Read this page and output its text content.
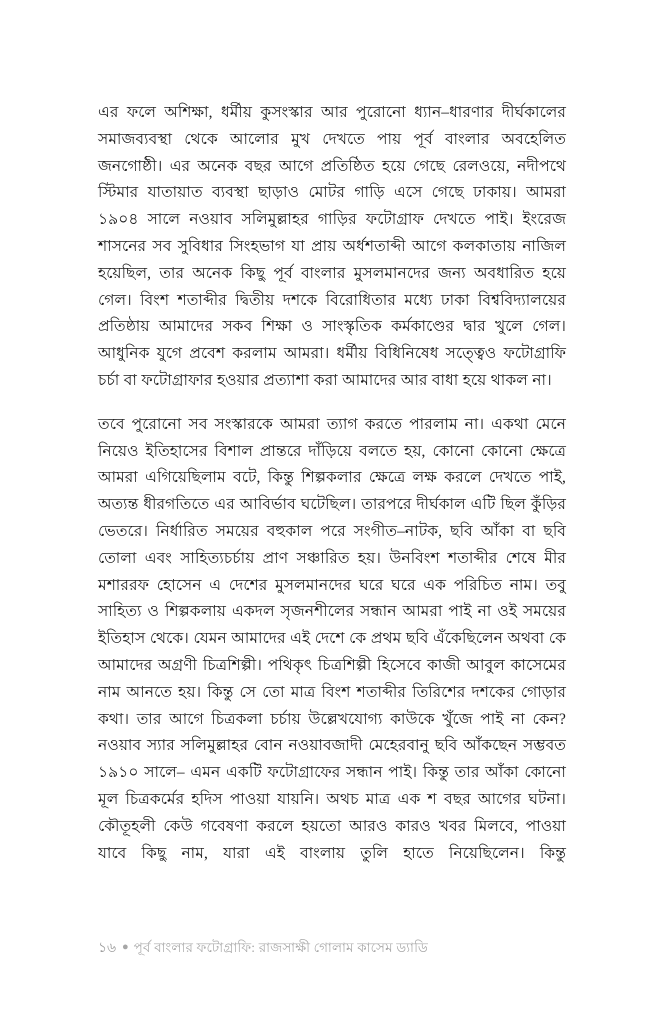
এর ফলে অশিক্ষা, ধর্মীয় কুসংস্কার আর পুরোনো ধ্যান–ধারণার দীর্ঘকালের সমাজব্যবস্থা থেকে আলোর মুখ দেখতে পায় পূর্ব বাংলার অবহেলিত জনগোষ্ঠী। এর অনেক বছর আগে প্রতিষ্ঠিত হয়ে গেছে রেলওয়ে, নদীপথে স্টিমার যাতায়াত ব্যবস্থা ছাড়াও মোটর গাড়ি এসে গেছে ঢাকায়। আমরা ১৯০৪ সালে নওয়াব সলিমুল্লাহর গাড়ির ফটোগ্রাফ দেখতে পাই। ইংরেজ শাসনের সব সুবিধার সিংহভাগ যা প্রায় অর্ধশতাব্দী আগে কলকাতায় নাজিল হয়েছিল, তার অনেক কিছু পূর্ব বাংলার মুসলমানদের জন্য অবধারিত হয়ে গেল। বিংশ শতাব্দীর দ্বিতীয় দশকে বিরোধিতার মধ্যে ঢাকা বিশ্ববিদ্যালয়ের প্রতিষ্ঠায় আমাদের সকব শিক্ষা ও সাংস্কৃতিক কর্মকাণ্ডের দ্বার খুলে গেল। আধুনিক যুগে প্রবেশ করলাম আমরা। ধর্মীয় বিধিনিষেধ সত্ত্বেও ফটোগ্রাফি চর্চা বা ফটোগ্রাফার হওয়ার প্রত্যাশা করা আমাদের আর বাধা হয়ে থাকল না।

তবে পুরোনো সব সংস্কারকে আমরা ত্যাগ করতে পারলাম না। একথা মেনে নিয়েও ইতিহাসের বিশাল প্রান্তরে দাঁড়িয়ে বলতে হয়, কোনো কোনো ক্ষেত্রে আমরা এগিয়েছিলাম বটে, কিন্তু শিল্পকলার ক্ষেত্রে লক্ষ করলে দেখতে পাই, অত্যন্ত ধীরগতিতে এর আবির্ভাব ঘটেছিল। তারপরে দীর্ঘকাল এটি ছিল কুঁড়ির ভেতরে। নির্ধারিত সময়ের বহুকাল পরে সংগীত–নাটক, ছবি আঁকা বা ছবি তোলা এবং সাহিত্যচর্চায় প্রাণ সঞ্চারিত হয়। উনবিংশ শতাব্দীর শেষে মীর মশাররফ হোসেন এ দেশের মুসলমানদের ঘরে ঘরে এক পরিচিত নাম। তবু সাহিত্য ও শিল্পকলায় একদল সৃজনশীলের সন্ধান আমরা পাই না ওই সময়ের ইতিহাস থেকে। যেমন আমাদের এই দেশে কে প্রথম ছবি এঁকেছিলেন অথবা কে আমাদের অগ্রণী চিত্রশিল্পী। পথিকৃৎ চিত্রশিল্পী হিসেবে কাজী আবুল কাসেমের নাম আনতে হয়। কিন্তু সে তো মাত্র বিংশ শতাব্দীর তিরিশের দশকের গোড়ার কথা। তার আগে চিত্রকলা চর্চায় উল্লেখযোগ্য কাউকে খুঁজে পাই না কেন? নওয়াব স্যার সলিমুল্লাহর বোন নওয়াবজাদী মেহেরবানু ছবি আঁকছেন সম্ভবত ১৯১০ সালে– এমন একটি ফটোগ্রাফের সন্ধান পাই। কিন্তু তার আঁকা কোনো মূল চিত্রকর্মের হদিস পাওয়া যায়নি। অথচ মাত্র এক শ বছর আগের ঘটনা। কৌতূহলী কেউ গবেষণা করলে হয়তো আরও কারও খবর মিলবে, পাওয়া যাবে কিছু নাম, যারা এই বাংলায় তুলি হাতে নিয়েছিলেন। কিন্তু

১৬ ● পূর্ব বাংলার ফটোগ্রাফি: রাজসাক্ষী গোলাম কাসেম ড্যাডি
